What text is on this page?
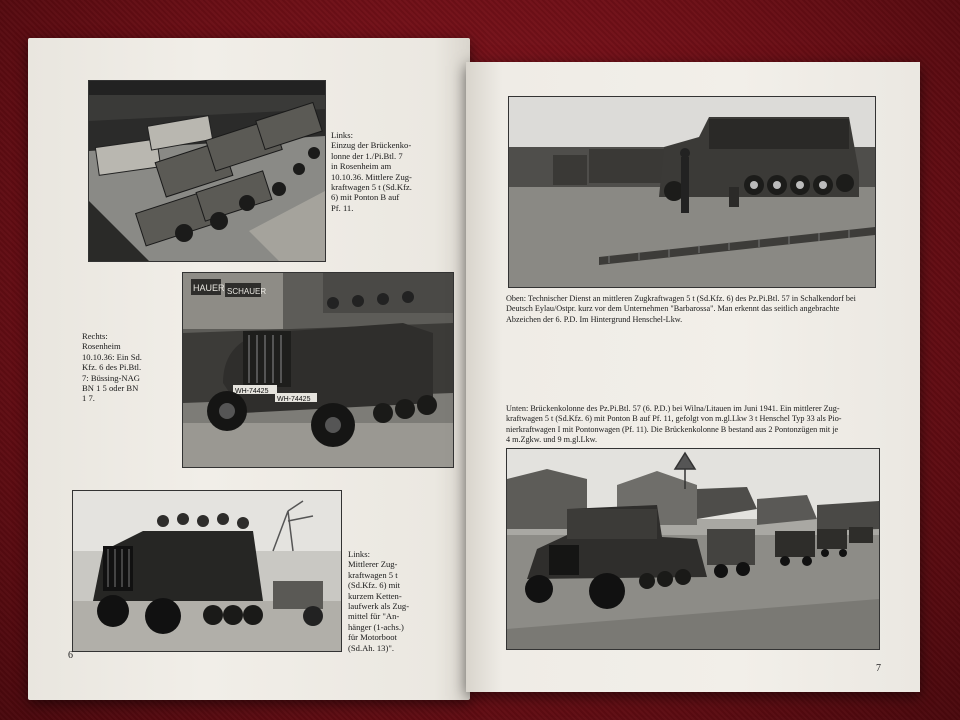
Links:
Einzug der Brückenko-
lonne der 1./Pi.Btl. 7
in Rosenheim am
10.10.36. Mittlere Zug-
kraftwagen 5 t (Sd.Kfz.
6) mit Ponton B auf
Pf. 11.
Rechts:
Rosenheim
10.10.36: Ein Sd.
Kfz. 6 des Pi.Btl.
7: Büssing-NAG
BN 1 5 oder BN
1 7.
HAUER SCHAUER
WH-74425
WH-74425
Links:
Mittlerer Zug-
kraftwagen 5 t
(Sd.Kfz. 6) mit
kurzem Ketten-
laufwerk als Zug-
mittel für "An-
hänger (1-achs.)
für Motorboot
(Sd.Ah. 13)".
6
Oben: Technischer Dienst an mittleren Zugkraftwagen 5 t (Sd.Kfz. 6) des Pz.Pi.Btl. 57 in Schalkendorf bei
Deutsch Eylau/Ostpr. kurz vor dem Unternehmen "Barbarossa". Man erkennt das seitlich angebrachte
Abzeichen der 6. P.D. Im Hintergrund Henschel-Lkw.
Unten: Brückenkolonne des Pz.Pi.Btl. 57 (6. P.D.) bei Wilna/Litauen im Juni 1941. Ein mittlerer Zug-
kraftwagen 5 t (Sd.Kfz. 6) mit Ponton B auf Pf. 11, gefolgt von m.gl.Lkw 3 t Henschel Typ 33 als Pio-
nierkraftwagen I mit Pontonwagen (Pf. 11). Die Brückenkolonne B bestand aus 2 Pontonzügen mit je
4 m.Zgkw. und 9 m.gl.Lkw.
7
